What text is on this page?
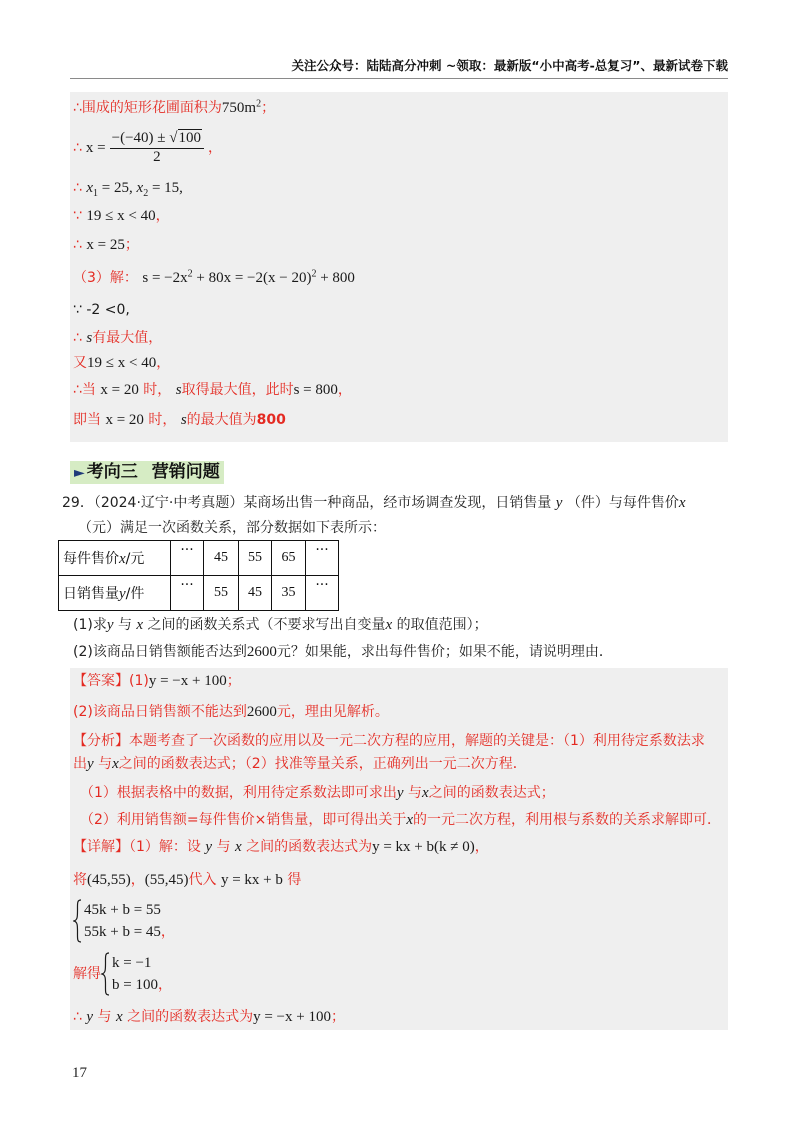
关注公众号：陆陆高分冲刺 ~领取：最新版“小中高考-总复习”、最新试卷下载
∴围成的矩形花圃面积为$750m^2$；
∴ $x = \frac{-(-40) \pm √100}{2}$ ，
∴ $x_1 = 25$, $x_2 = 15$,
∵ 19 ≤ x < 40，
∴ x = 25；
（3）解： $s = -2x^2 + 80x = -2(x - 20)^2 + 800$
∵ -2 <0,
∴ s有最大值，
又19 ≤ x < 40，
∴当 x = 20 时， s取得最大值，此时s = 800，
即当 x = 20 时， s的最大值为800
► 考向三 营销问题
29．（2024·辽宁·中考真题）某商场出售一种商品，经市场调查发现，日销售量 y （件）与每件售价x
（元）满足一次函数关系，部分数据如下表所示：
每件售价x/元	···	45	55	65	···
日销售量y/件	···	55	45	35	···
(1)求y 与 x 之间的函数关系式（不要求写出自变量x 的取值范围）；
(2)该商品日销售额能否达到2600元？如果能，求出每件售价；如果不能，请说明理由．
【答案】(1)y = −x + 100；
(2)该商品日销售额不能达到2600元，理由见解析。
【分析】本题考查了一次函数的应用以及一元二次方程的应用，解题的关键是：（1）利用待定系数法求
出y 与x之间的函数表达式；（2）找准等量关系，正确列出一元二次方程．
（1）根据表格中的数据，利用待定系数法即可求出y 与x之间的函数表达式；
（2）利用销售额=每件售价×销售量，即可得出关于x的一元二次方程，利用根与系数的关系求解即可．
【详解】（1）解：设 y 与 x 之间的函数表达式为y = kx + b(k ≠ 0)，
将(45,55)，(55,45)代入 y = kx + b 得
45k + b = 55
55k + b = 45 ，
解得
k = −1
b = 100 ，
∴ y 与 x 之间的函数表达式为y = −x + 100；
17
